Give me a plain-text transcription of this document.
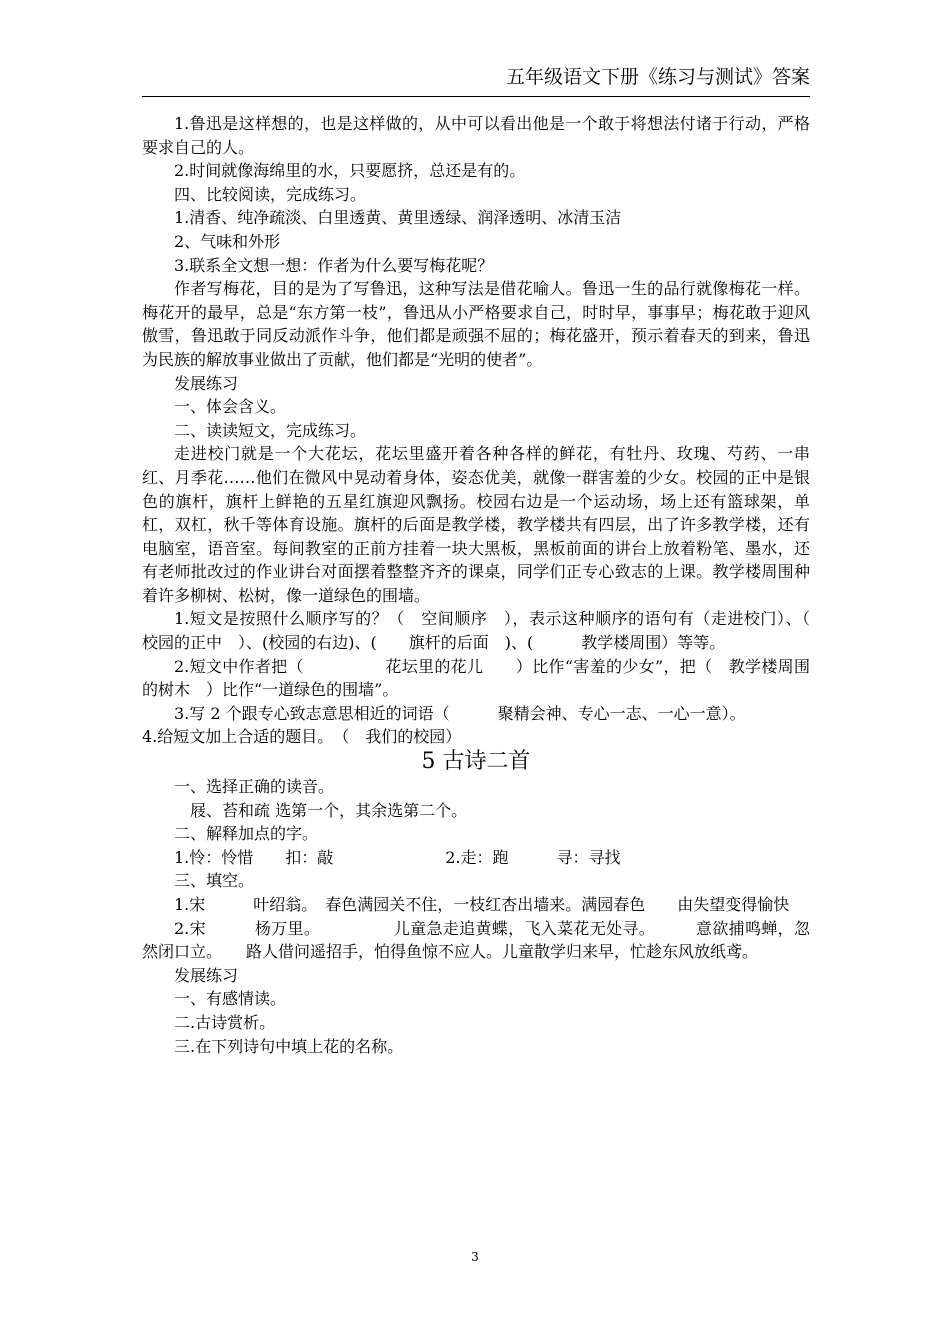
五年级语文下册《练习与测试》答案

1.鲁迅是这样想的，也是这样做的，从中可以看出他是一个敢于将想法付诸于行动，严格要求自己的人。

2.时间就像海绵里的水，只要愿挤，总还是有的。

四、比较阅读，完成练习。

1.清香、纯净疏淡、白里透黄、黄里透绿、润泽透明、冰清玉洁

2、气味和外形

3.联系全文想一想：作者为什么要写梅花呢？

作者写梅花，目的是为了写鲁迅，这种写法是借花喻人。鲁迅一生的品行就像梅花一样。梅花开的最早，总是“东方第一枝”，鲁迅从小严格要求自己，时时早，事事早；梅花敢于迎风傲雪，鲁迅敢于同反动派作斗争，他们都是顽强不屈的；梅花盛开，预示着春天的到来，鲁迅为民族的解放事业做出了贡献，他们都是“光明的使者”。

发展练习

一、体会含义。

二、读读短文，完成练习。

走进校门就是一个大花坛，花坛里盛开着各种各样的鲜花，有牡丹、玫瑰、芍药、一串红、月季花……他们在微风中晃动着身体，姿态优美，就像一群害羞的少女。校园的正中是银色的旗杆，旗杆上鲜艳的五星红旗迎风飘扬。校园右边是一个运动场，场上还有篮球架，单杠，双杠，秋千等体育设施。旗杆的后面是教学楼，教学楼共有四层，出了许多教学楼，还有电脑室，语音室。每间教室的正前方挂着一块大黑板，黑板前面的讲台上放着粉笔、墨水，还有老师批改过的作业讲台对面摆着整整齐齐的课桌，同学们正专心致志的上课。教学楼周围种着许多柳树、松树，像一道绿色的围墙。

1.短文是按照什么顺序写的？（　空间顺序　），表示这种顺序的语句有（走进校门）、（　　校园的正中　）、(校园的右边)、(　　旗杆的后面　)、(　　　教学楼周围）等等。

2.短文中作者把（　　　　　花坛里的花儿　　）比作“害羞的少女”，把（　教学楼周围的树木　）比作“一道绿色的围墙”。

3.写 2 个跟专心致志意思相近的词语（　　　聚精会神、专心一志、一心一意）。

4.给短文加上合适的题目。　（　我们的校园）

5 古诗二首

一、选择正确的读音。

屐、苔和疏 选第一个，其余选第二个。

二、解释加点的字。

1.怜：怜惜　　扣：敲　　　　　　　2.走：跑　　　寻：寻找

三、填空。

1.宋　　　叶绍翁。　春色满园关不住，一枝红杏出墙来。满园春色　　由失望变得愉快

2.宋　　　杨万里。　　　　　儿童急走追黄蝶，飞入菜花无处寻。　　　意欲捕鸣蝉，忽然闭口立。　　路人借问遥招手，怕得鱼惊不应人。儿童散学归来早，忙趁东风放纸鸢。

发展练习

一、有感情读。

二.古诗赏析。

三.在下列诗句中填上花的名称。

3
